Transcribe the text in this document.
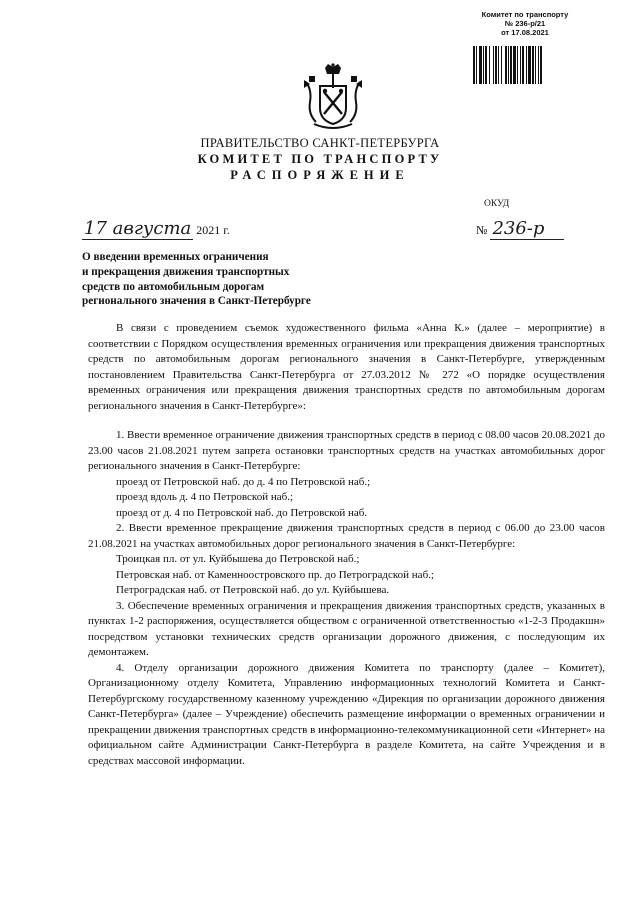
Комитет по транспорту
№ 236-р/21
от 17.08.2021
ПРАВИТЕЛЬСТВО САНКТ-ПЕТЕРБУРГА
КОМИТЕТ ПО ТРАНСПОРТУ
РАСПОРЯЖЕНИЕ
ОКУД
17 августа 2021 г.	№ 236-р
О введении временных ограничения
и прекращения движения транспортных
средств по автомобильным дорогам
регионального значения в Санкт-Петербурге

В связи с проведением съемок художественного фильма «Анна К.» (далее – мероприятие) в соответствии с Порядком осуществления временных ограничения или прекращения движения транспортных средств по автомобильным дорогам регионального значения в Санкт-Петербурге, утвержденным постановлением Правительства Санкт-Петербурга от 27.03.2012 № 272 «О порядке осуществления временных ограничения или прекращения движения транспортных средств по автомобильным дорогам регионального значения в Санкт-Петербурге»:

1. Ввести временное ограничение движения транспортных средств в период с 08.00 часов 20.08.2021 до 23.00 часов 21.08.2021 путем запрета остановки транспортных средств на участках автомобильных дорог регионального значения в Санкт-Петербурге:

проезд от Петровской наб. до д. 4 по Петровской наб.;

проезд вдоль д. 4 по Петровской наб.;

проезд от д. 4 по Петровской наб. до Петровской наб.

2. Ввести временное прекращение движения транспортных средств в период с 06.00 до 23.00 часов 21.08.2021 на участках автомобильных дорог регионального значения в Санкт-Петербурге:

Троицкая пл. от ул. Куйбышева до Петровской наб.;

Петровская наб. от Каменноостровского пр. до Петроградской наб.;

Петроградская наб. от Петровской наб. до ул. Куйбышева.

3. Обеспечение временных ограничения и прекращения движения транспортных средств, указанных в пунктах 1-2 распоряжения, осуществляется обществом с ограниченной ответственностью «1-2-3 Продакшн» посредством установки технических средств организации дорожного движения, с последующим их демонтажем.

4. Отделу организации дорожного движения Комитета по транспорту (далее – Комитет), Организационному отделу Комитета, Управлению информационных технологий Комитета и Санкт-Петербургскому государственному казенному учреждению «Дирекция по организации дорожного движения Санкт-Петербурга» (далее – Учреждение) обеспечить размещение информации о временных ограничении и прекращении движения транспортных средств в информационно-телекоммуникационной сети «Интернет» на официальном сайте Администрации Санкт-Петербурга в разделе Комитета, на сайте Учреждения и в средствах массовой информации.
